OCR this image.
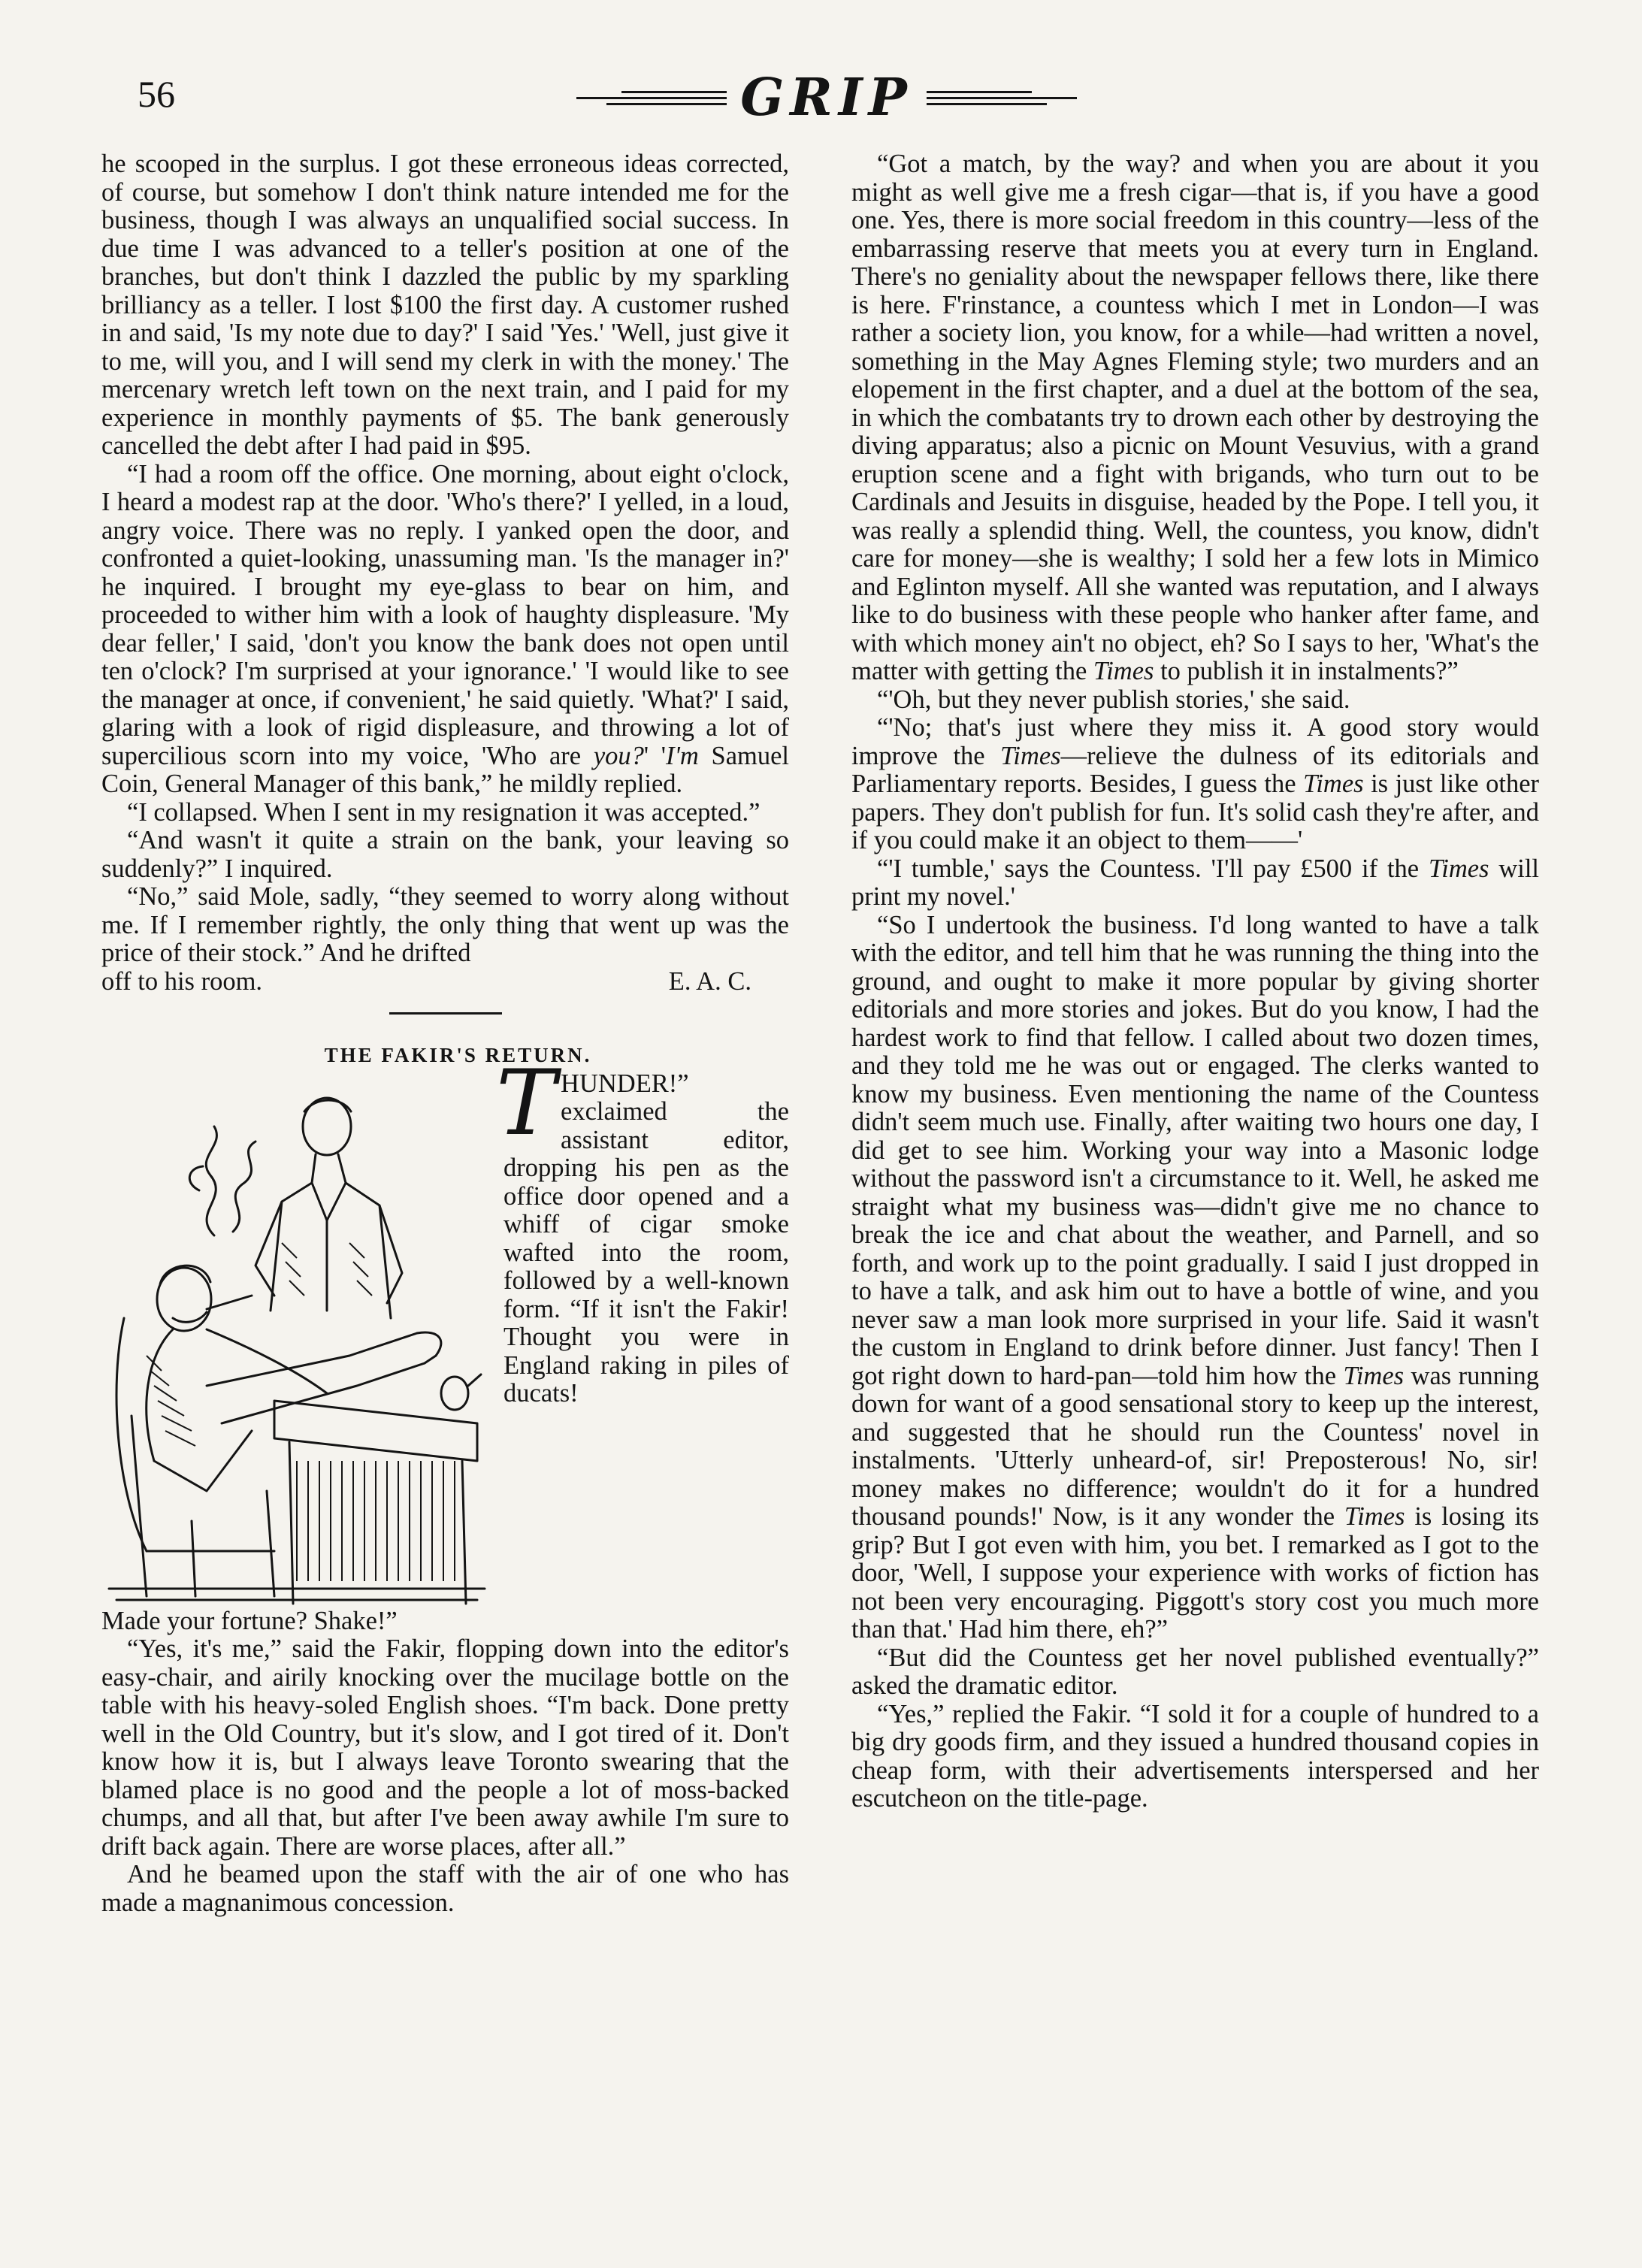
56	GRIP

he scooped in the surplus. I got these erroneous ideas corrected, of course, but somehow I don't think nature intended me for the business, though I was always an unqualified social success. In due time I was advanced to a teller's position at one of the branches, but don't think I dazzled the public by my sparkling brilliancy as a teller. I lost $100 the first day. A customer rushed in and said, 'Is my note due to day?' I said 'Yes.' 'Well, just give it to me, will you, and I will send my clerk in with the money.' The mercenary wretch left town on the next train, and I paid for my experience in monthly payments of $5. The bank generously cancelled the debt after I had paid in $95.

“I had a room off the office. One morning, about eight o'clock, I heard a modest rap at the door. 'Who's there?' I yelled, in a loud, angry voice. There was no reply. I yanked open the door, and confronted a quiet-looking, unassuming man. 'Is the manager in?' he inquired. I brought my eye-glass to bear on him, and proceeded to wither him with a look of haughty displeasure. 'My dear feller,' I said, 'don't you know the bank does not open until ten o'clock? I'm surprised at your ignorance.' 'I would like to see the manager at once, if convenient,' he said quietly. 'What?' I said, glaring with a look of rigid displeasure, and throwing a lot of supercilious scorn into my voice, 'Who are you?' 'I'm Samuel Coin, General Manager of this bank,” he mildly replied.

“I collapsed. When I sent in my resignation it was accepted.”

“And wasn't it quite a strain on the bank, your leaving so suddenly?” I inquired.

“No,” said Mole, sadly, “they seemed to worry along without me. If I remember rightly, the only thing that went up was the price of their stock.” And he drifted

off to his room.	E. A. C.

THE FAKIR'S RETURN.

THUNDER!” exclaimed the assistant editor, dropping his pen as the office door opened and a whiff of cigar smoke wafted into the room, followed by a well-known form. “If it isn't the Fakir! Thought you were in England raking in piles of ducats!

Made your fortune? Shake!”

“Yes, it's me,” said the Fakir, flopping down into the editor's easy-chair, and airily knocking over the mucilage bottle on the table with his heavy-soled English shoes. “I'm back. Done pretty well in the Old Country, but it's slow, and I got tired of it. Don't know how it is, but I always leave Toronto swearing that the blamed place is no good and the people a lot of moss-backed chumps, and all that, but after I've been away awhile I'm sure to drift back again. There are worse places, after all.”

And he beamed upon the staff with the air of one who has made a magnanimous concession.

“Got a match, by the way? and when you are about it you might as well give me a fresh cigar—that is, if you have a good one. Yes, there is more social freedom in this country—less of the embarrassing reserve that meets you at every turn in England. There's no geniality about the newspaper fellows there, like there is here. F'rinstance, a countess which I met in London—I was rather a society lion, you know, for a while—had written a novel, something in the May Agnes Fleming style; two murders and an elopement in the first chapter, and a duel at the bottom of the sea, in which the combatants try to drown each other by destroying the diving apparatus; also a picnic on Mount Vesuvius, with a grand eruption scene and a fight with brigands, who turn out to be Cardinals and Jesuits in disguise, headed by the Pope. I tell you, it was really a splendid thing. Well, the countess, you know, didn't care for money—she is wealthy; I sold her a few lots in Mimico and Eglinton myself. All she wanted was reputation, and I always like to do business with these people who hanker after fame, and with which money ain't no object, eh? So I says to her, 'What's the matter with getting the Times to publish it in instalments?”

“'Oh, but they never publish stories,' she said.

“'No; that's just where they miss it. A good story would improve the Times—relieve the dulness of its editorials and Parliamentary reports. Besides, I guess the Times is just like other papers. They don't publish for fun. It's solid cash they're after, and if you could make it an object to them——'

“'I tumble,' says the Countess. 'I'll pay £500 if the Times will print my novel.'

“So I undertook the business. I'd long wanted to have a talk with the editor, and tell him that he was running the thing into the ground, and ought to make it more popular by giving shorter editorials and more stories and jokes. But do you know, I had the hardest work to find that fellow. I called about two dozen times, and they told me he was out or engaged. The clerks wanted to know my business. Even mentioning the name of the Countess didn't seem much use. Finally, after waiting two hours one day, I did get to see him. Working your way into a Masonic lodge without the password isn't a circumstance to it. Well, he asked me straight what my business was—didn't give me no chance to break the ice and chat about the weather, and Parnell, and so forth, and work up to the point gradually. I said I just dropped in to have a talk, and ask him out to have a bottle of wine, and you never saw a man look more surprised in your life. Said it wasn't the custom in England to drink before dinner. Just fancy! Then I got right down to hard-pan—told him how the Times was running down for want of a good sensational story to keep up the interest, and suggested that he should run the Countess' novel in instalments. 'Utterly unheard-of, sir! Preposterous! No, sir! money makes no difference; wouldn't do it for a hundred thousand pounds!' Now, is it any wonder the Times is losing its grip? But I got even with him, you bet. I remarked as I got to the door, 'Well, I suppose your experience with works of fiction has not been very encouraging. Piggott's story cost you much more than that.' Had him there, eh?”

“But did the Countess get her novel published eventually?” asked the dramatic editor.

“Yes,” replied the Fakir. “I sold it for a couple of hundred to a big dry goods firm, and they issued a hundred thousand copies in cheap form, with their advertisements interspersed and her escutcheon on the title-page.
